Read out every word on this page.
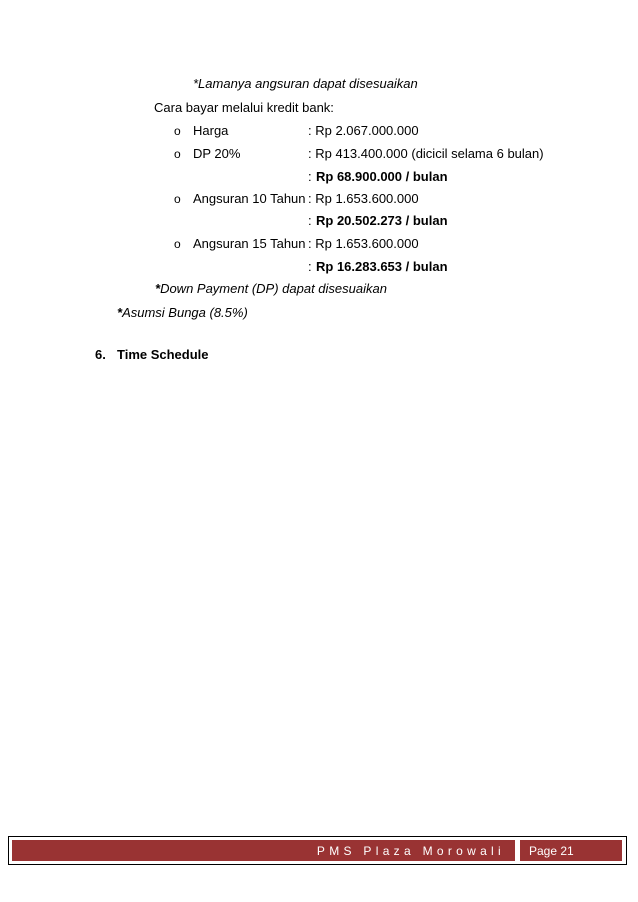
*Lamanya angsuran dapat disesuaikan
Cara bayar melalui kredit bank:
o Harga	: Rp 2.067.000.000
o DP 20%	: Rp 413.400.000 (dicicil selama 6 bulan)
: Rp 68.900.000 / bulan
o Angsuran 10 Tahun : Rp 1.653.600.000
: Rp 20.502.273 / bulan
o Angsuran 15 Tahun : Rp 1.653.600.000
: Rp 16.283.653 / bulan
*Down Payment (DP) dapat disesuaikan
*Asumsi Bunga (8.5%)
6. Time Schedule
PMS Plaza Morowali Page 21
